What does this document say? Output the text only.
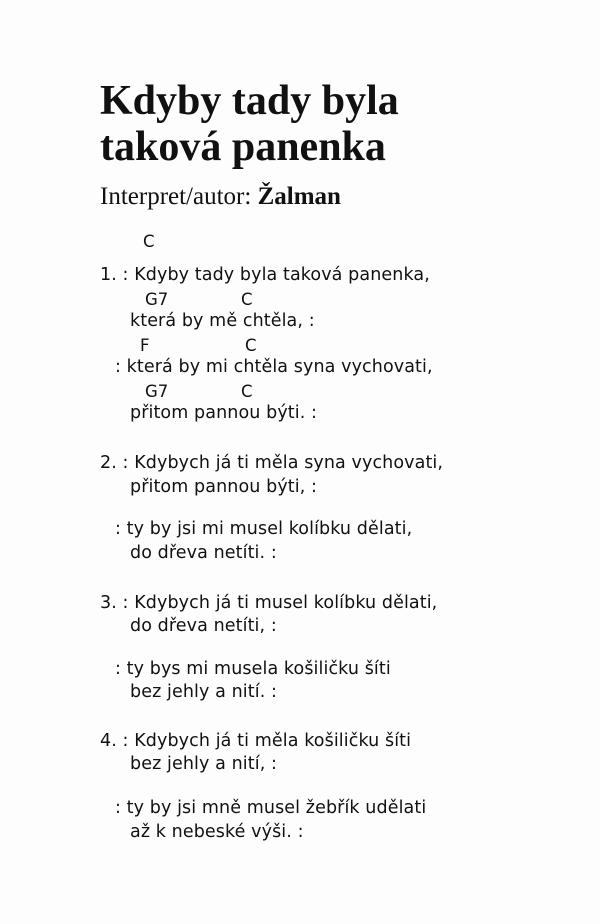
Kdyby tady byla
taková panenka
Interpret/autor: Žalman
C
G7	C
F	C
G7	C
1. : Kdyby tady byla taková panenka,
která by mě chtěla, :
: která by mi chtěla syna vychovati,
přitom pannou býti. :
2. : Kdybych já ti měla syna vychovati,
přitom pannou býti, :
: ty by jsi mi musel kolíbku dělati,
do dřeva netíti. :
3. : Kdybych já ti musel kolíbku dělati,
do dřeva netíti, :
: ty bys mi musela košiličku šíti
bez jehly a nití. :
4. : Kdybych já ti měla košiličku šíti
bez jehly a nití, :
: ty by jsi mně musel žebřík udělati
až k nebeské výši. :
